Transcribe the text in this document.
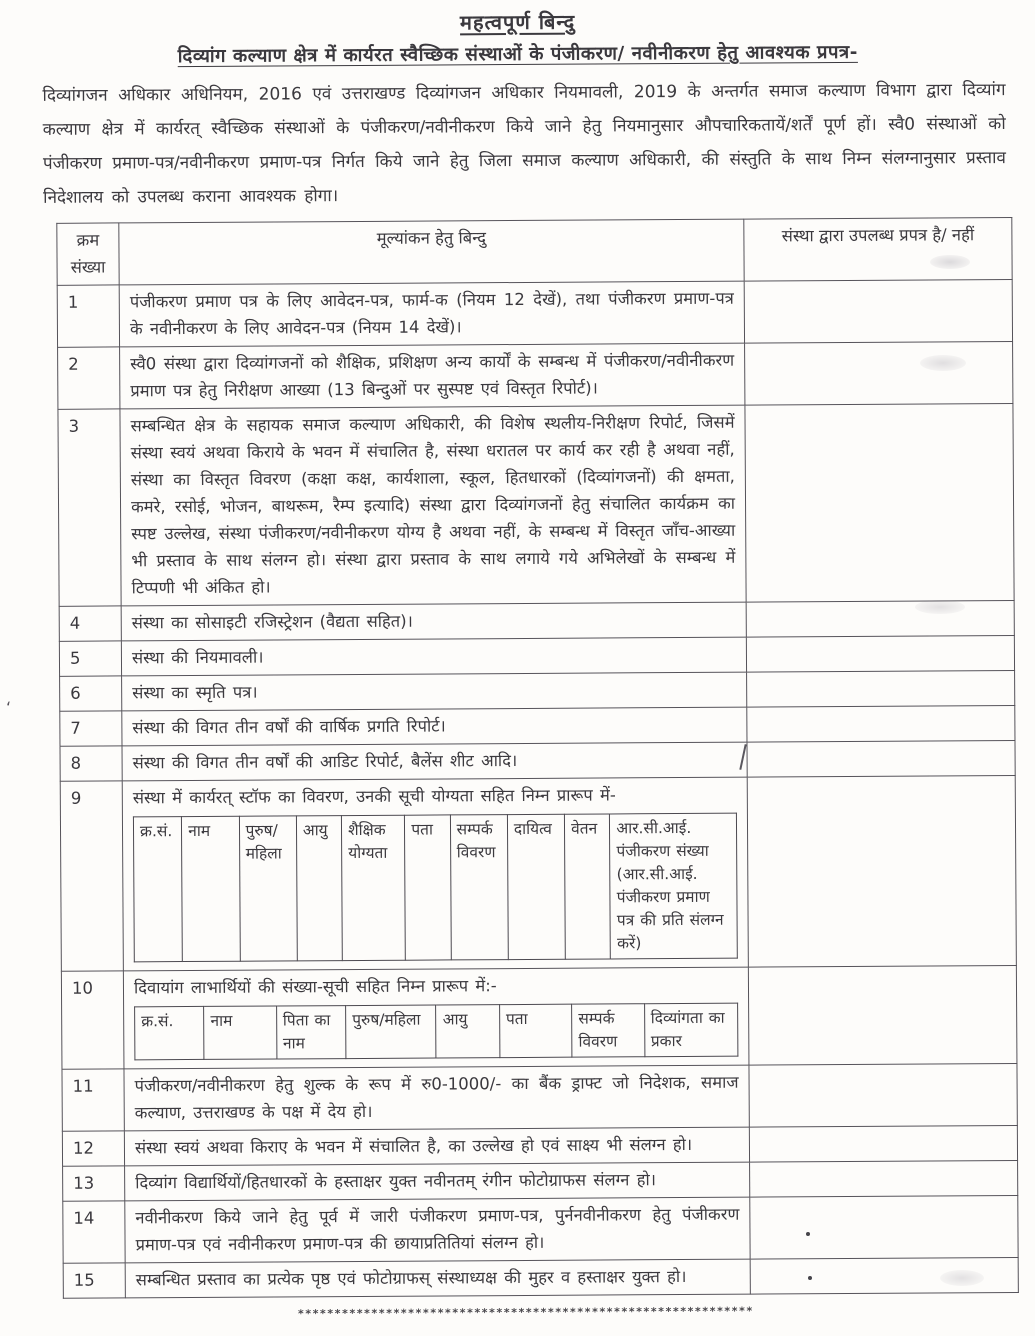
महत्वपूर्ण बिन्दु
दिव्यांग कल्याण क्षेत्र में कार्यरत स्वैच्छिक संस्थाओं के पंजीकरण/ नवीनीकरण हेतु आवश्यक प्रपत्र-

दिव्यांगजन अधिकार अधिनियम, 2016 एवं उत्तराखण्ड दिव्यांगजन अधिकार नियमावली, 2019 के अन्तर्गत समाज कल्याण विभाग द्वारा दिव्यांग कल्याण क्षेत्र में कार्यरत् स्वैच्छिक संस्थाओं के पंजीकरण/नवीनीकरण किये जाने हेतु नियमानुसार औपचारिकतायें/शर्तें पूर्ण हों। स्वै0 संस्थाओं को पंजीकरण प्रमाण-पत्र/नवीनीकरण प्रमाण-पत्र निर्गत किये जाने हेतु जिला समाज कल्याण अधिकारी, की संस्तुति के साथ निम्न संलग्नानुसार प्रस्ताव निदेशालय को उपलब्ध कराना आवश्यक होगा।

क्रम संख्या	मूल्यांकन हेतु बिन्दु	संस्था द्वारा उपलब्ध प्रपत्र है/ नहीं
1	पंजीकरण प्रमाण पत्र के लिए आवेदन-पत्र, फार्म-क (नियम 12 देखें), तथा पंजीकरण प्रमाण-पत्र के नवीनीकरण के लिए आवेदन-पत्र (नियम 14 देखें)।	
2	स्वै0 संस्था द्वारा दिव्यांगजनों को शैक्षिक, प्रशिक्षण अन्य कार्यों के सम्बन्ध में पंजीकरण/नवीनीकरण प्रमाण पत्र हेतु निरीक्षण आख्या (13 बिन्दुओं पर सुस्पष्ट एवं विस्तृत रिपोर्ट)।	
3	सम्बन्धित क्षेत्र के सहायक समाज कल्याण अधिकारी, की विशेष स्थलीय-निरीक्षण रिपोर्ट, जिसमें संस्था स्वयं अथवा किराये के भवन में संचालित है, संस्था धरातल पर कार्य कर रही है अथवा नहीं, संस्था का विस्तृत विवरण (कक्षा कक्ष, कार्यशाला, स्कूल, हितधारकों (दिव्यांगजनों) की क्षमता, कमरे, रसोई, भोजन, बाथरूम, रैम्प इत्यादि) संस्था द्वारा दिव्यांगजनों हेतु संचालित कार्यक्रम का स्पष्ट उल्लेख, संस्था पंजीकरण/नवीनीकरण योग्य है अथवा नहीं, के सम्बन्ध में विस्तृत जाँच-आख्या भी प्रस्ताव के साथ संलग्न हो। संस्था द्वारा प्रस्ताव के साथ लगाये गये अभिलेखों के सम्बन्ध में टिप्पणी भी अंकित हो।	
4	संस्था का सोसाइटी रजिस्ट्रेशन (वैद्यता सहित)।	
5	संस्था की नियमावली।	
6	संस्था का स्मृति पत्र।	
7	संस्था की विगत तीन वर्षों की वार्षिक प्रगति रिपोर्ट।	
8	संस्था की विगत तीन वर्षों की आडिट रिपोर्ट, बैलेंस शीट आदि।	
9	संस्था में कार्यरत् स्टॉफ का विवरण, उनकी सूची योग्यता सहित निम्न प्रारूप में-
क्र.सं.	नाम	पुरुष/ महिला	आयु	शैक्षिक योग्यता	पता	सम्पर्क विवरण	दायित्व	वेतन	आर.सी.आई. पंजीकरण संख्या (आर.सी.आई. पंजीकरण प्रमाण पत्र की प्रति संलग्न करें)

10	दिवायांग लाभार्थियों की संख्या-सूची सहित निम्न प्रारूप में:-
क्र.सं.	नाम	पिता का नाम	पुरुष/महिला	आयु	पता	सम्पर्क विवरण	दिव्यांगता का प्रकार

11	पंजीकरण/नवीनीकरण हेतु शुल्क के रूप में रु0-1000/- का बैंक ड्राफ्ट जो निदेशक, समाज कल्याण, उत्तराखण्ड के पक्ष में देय हो।	
12	संस्था स्वयं अथवा किराए के भवन में संचालित है, का उल्लेख हो एवं साक्ष्य भी संलग्न हो।	
13	दिव्यांग विद्यार्थियों/हितधारकों के हस्ताक्षर युक्त नवीनतम् रंगीन फोटोग्राफस संलग्न हो।	
14	नवीनीकरण किये जाने हेतु पूर्व में जारी पंजीकरण प्रमाण-पत्र, पुर्ननवीनीकरण हेतु पंजीकरण प्रमाण-पत्र एवं नवीनीकरण प्रमाण-पत्र की छायाप्रतितियां संलग्न हो।	
15	सम्बन्धित प्रस्ताव का प्रत्येक पृष्ठ एवं फोटोग्राफस् संस्थाध्यक्ष की मुहर व हस्ताक्षर युक्त हो।	
**************************************************************
‘
